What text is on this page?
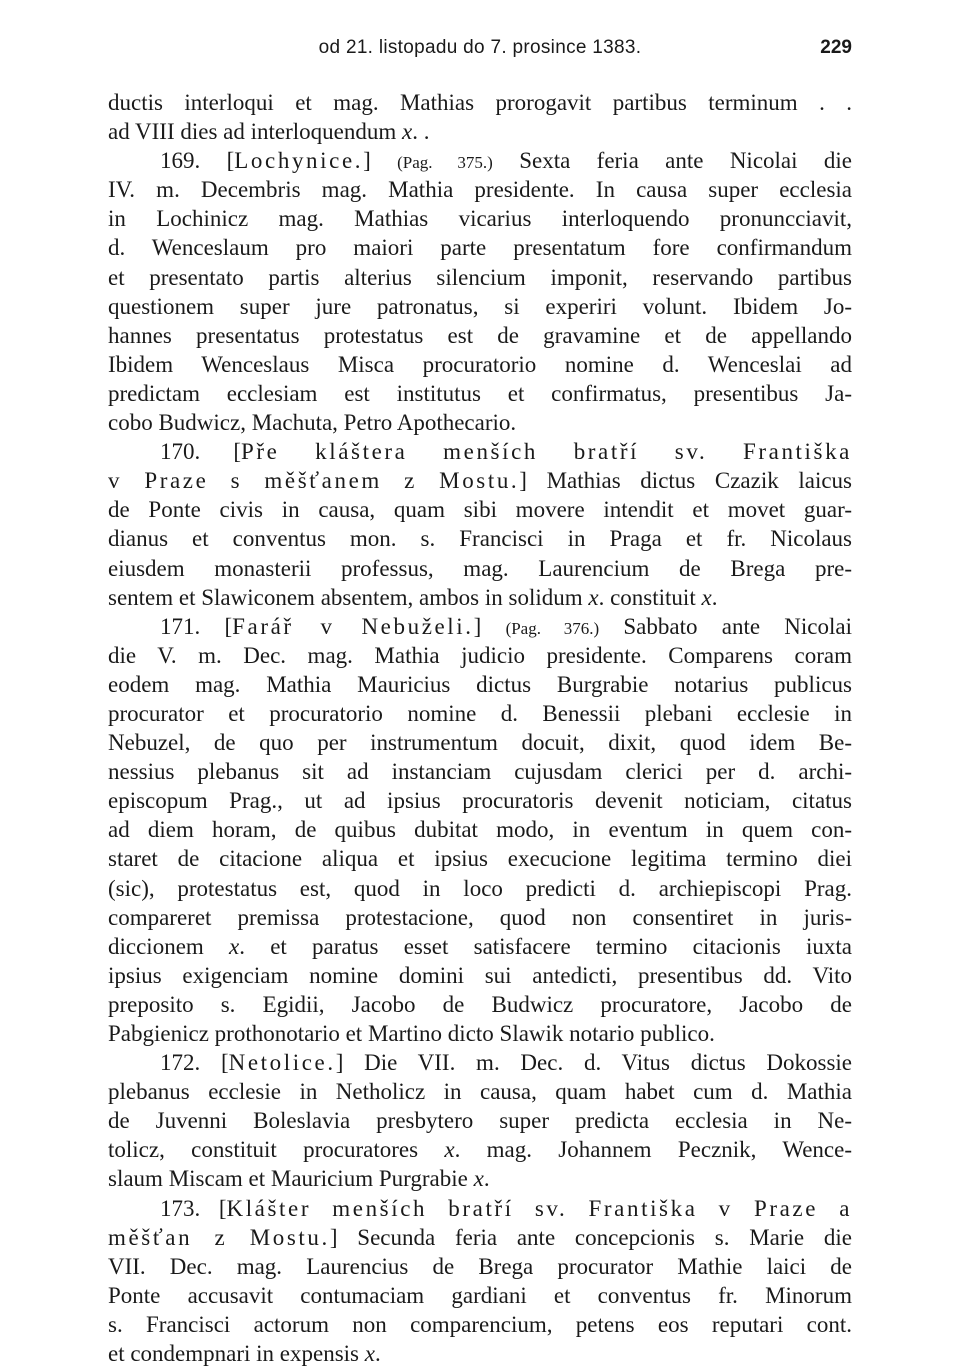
od 21. listopadu do 7. prosince 1383.	229
ductis interloqui et mag. Mathias prorogavit partibus terminum . .
ad VIII dies ad interloquendum x. .
169. [Lochynice.] (Pag. 375.) Sexta feria ante Nicolai die
IV. m. Decembris mag. Mathia presidente. In causa super ecclesia
in Lochinicz mag. Mathias vicarius interloquendo pronuncciavit,
d. Wenceslaum pro maiori parte presentatum fore confirmandum
et presentato partis alterius silencium imponit, reservando partibus
questionem super jure patronatus, si experiri volunt. Ibidem Jo-
hannes presentatus protestatus est de gravamine et de appellando
Ibidem Wenceslaus Misca procuratorio nomine d. Wenceslai ad
predictam ecclesiam est institutus et confirmatus, presentibus Ja-
cobo Budwicz, Machuta, Petro Apothecario.
170. [Pře kláštera menších bratří sv. Františka
v Praze s měšťanem z Mostu.] Mathias dictus Czazik laicus
de Ponte civis in causa, quam sibi movere intendit et movet guar-
dianus et conventus mon. s. Francisci in Praga et fr. Nicolaus
eiusdem monasterii professus, mag. Laurencium de Brega pre-
sentem et Slawiconem absentem, ambos in solidum x. constituit x.
171. [Farář v Nebuželi.] (Pag. 376.) Sabbato ante Nicolai
die V. m. Dec. mag. Mathia judicio presidente. Comparens coram
eodem mag. Mathia Mauricius dictus Burgrabie notarius publicus
procurator et procuratorio nomine d. Benessii plebani ecclesie in
Nebuzel, de quo per instrumentum docuit, dixit, quod idem Be-
nessius plebanus sit ad instanciam cujusdam clerici per d. archi-
episcopum Prag., ut ad ipsius procuratoris devenit noticiam, citatus
ad diem horam, de quibus dubitat modo, in eventum in quem con-
staret de citacione aliqua et ipsius execucione legitima termino diei
(sic), protestatus est, quod in loco predicti d. archiepiscopi Prag.
compareret premissa protestacione, quod non consentiret in juris-
diccionem x. et paratus esset satisfacere termino citacionis iuxta
ipsius exigenciam nomine domini sui antedicti, presentibus dd. Vito
preposito s. Egidii, Jacobo de Budwicz procuratore, Jacobo de
Pabgienicz prothonotario et Martino dicto Slawik notario publico.
172. [Netolice.] Die VII. m. Dec. d. Vitus dictus Dokossie
plebanus ecclesie in Netholicz in causa, quam habet cum d. Mathia
de Juvenni Boleslavia presbytero super predicta ecclesia in Ne-
tolicz, constituit procuratores x. mag. Johannem Pecznik, Wence-
slaum Miscam et Mauricium Purgrabie x.
173. [Klášter menších bratří sv. Františka v Praze a
měšťan z Mostu.] Secunda feria ante concepcionis s. Marie die
VII. Dec. mag. Laurencius de Brega procurator Mathie laici de
Ponte accusavit contumaciam gardiani et conventus fr. Minorum
s. Francisci actorum non comparencium, petens eos reputari cont.
et condempnari in expensis x.
